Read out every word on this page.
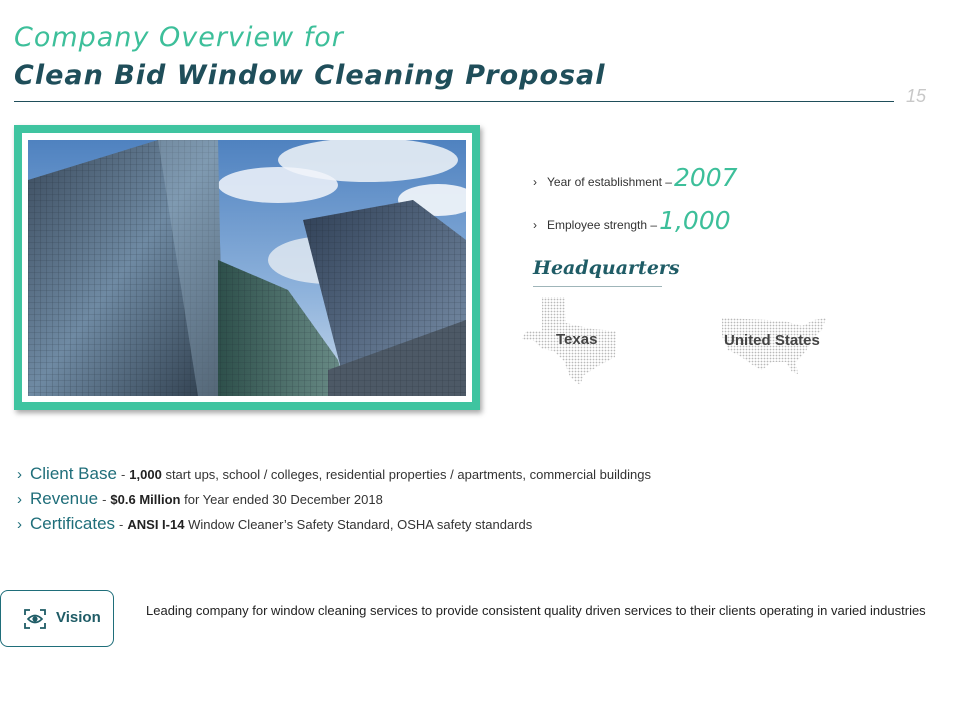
Company Overview for
Clean Bid Window Cleaning Proposal
15
› Year of establishment –2007
› Employee strength –1,000
Headquarters
Texas	United States
› Client Base - 1,000 start ups, school / colleges, residential properties / apartments, commercial buildings
› Revenue - $0.6 Million for Year ended 30 December 2018
› Certificates - ANSI I-14 Window Cleaner’s Safety Standard, OSHA safety standards
Vision	Leading company for window cleaning services to provide consistent quality driven services to their clients operating in varied industries
